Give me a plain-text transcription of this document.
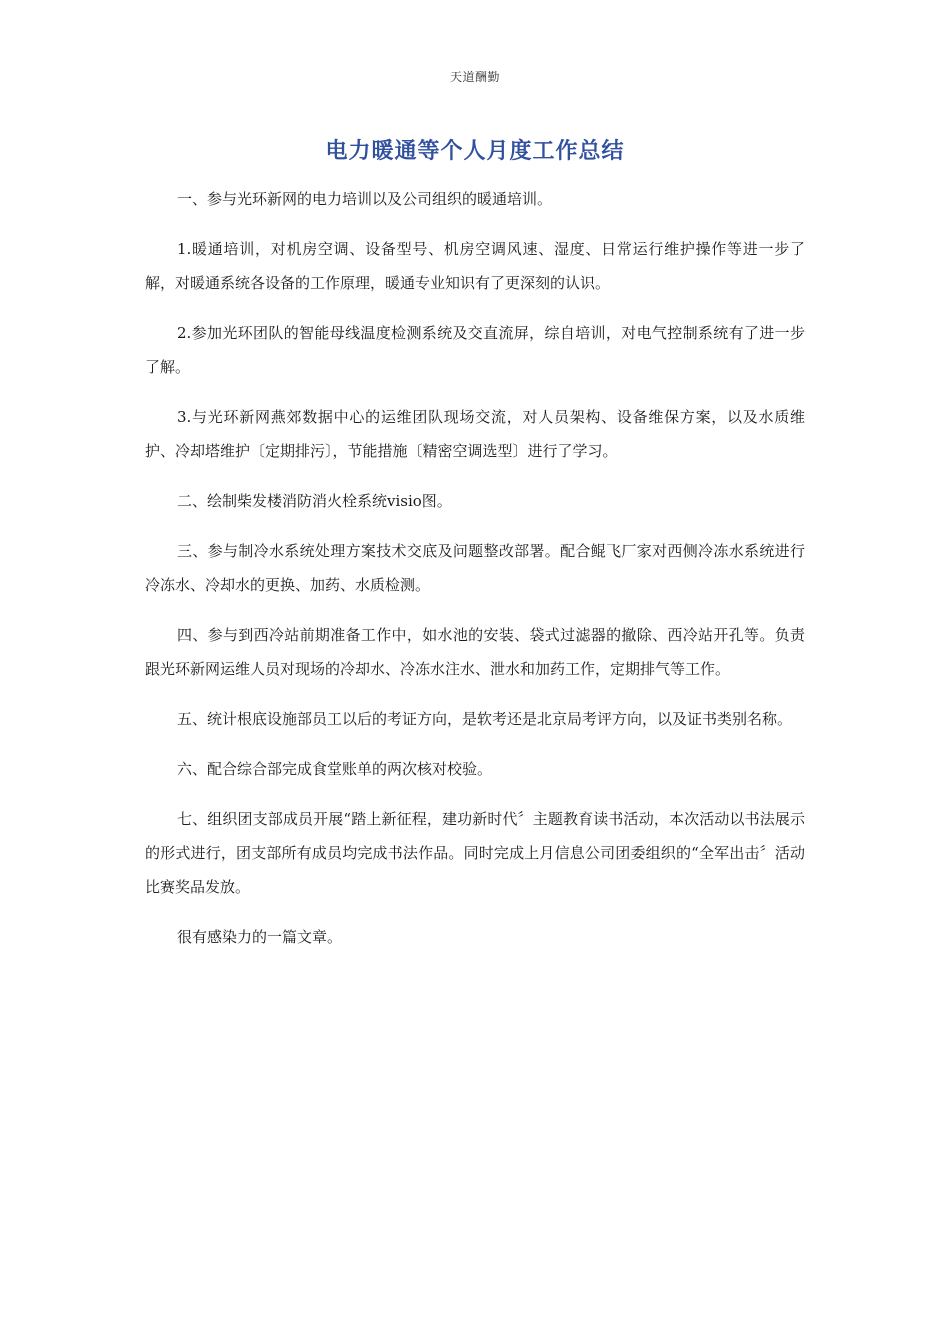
天道酬勤
电力暖通等个人月度工作总结

一、参与光环新网的电力培训以及公司组织的暖通培训。

1.暖通培训，对机房空调、设备型号、机房空调风速、湿度、日常运行维护操作等进一步了解，对暖通系统各设备的工作原理，暖通专业知识有了更深刻的认识。

2.参加光环团队的智能母线温度检测系统及交直流屏，综自培训，对电气控制系统有了进一步了解。

3.与光环新网燕郊数据中心的运维团队现场交流，对人员架构、设备维保方案，以及水质维护、冷却塔维护〔定期排污〕，节能措施〔精密空调选型〕进行了学习。

二、绘制柴发楼消防消火栓系统visio图。

三、参与制冷水系统处理方案技术交底及问题整改部署。配合鲲飞厂家对西侧冷冻水系统进行冷冻水、冷却水的更换、加药、水质检测。

四、参与到西冷站前期准备工作中，如水池的安装、袋式过滤器的撤除、西冷站开孔等。负责跟光环新网运维人员对现场的冷却水、冷冻水注水、泄水和加药工作，定期排气等工作。

五、统计根底设施部员工以后的考证方向，是软考还是北京局考评方向，以及证书类别名称。

六、配合综合部完成食堂账单的两次核对校验。

七、组织团支部成员开展“踏上新征程，建功新时代〞主题教育读书活动，本次活动以书法展示的形式进行，团支部所有成员均完成书法作品。同时完成上月信息公司团委组织的“全军出击〞活动比赛奖品发放。

很有感染力的一篇文章。
